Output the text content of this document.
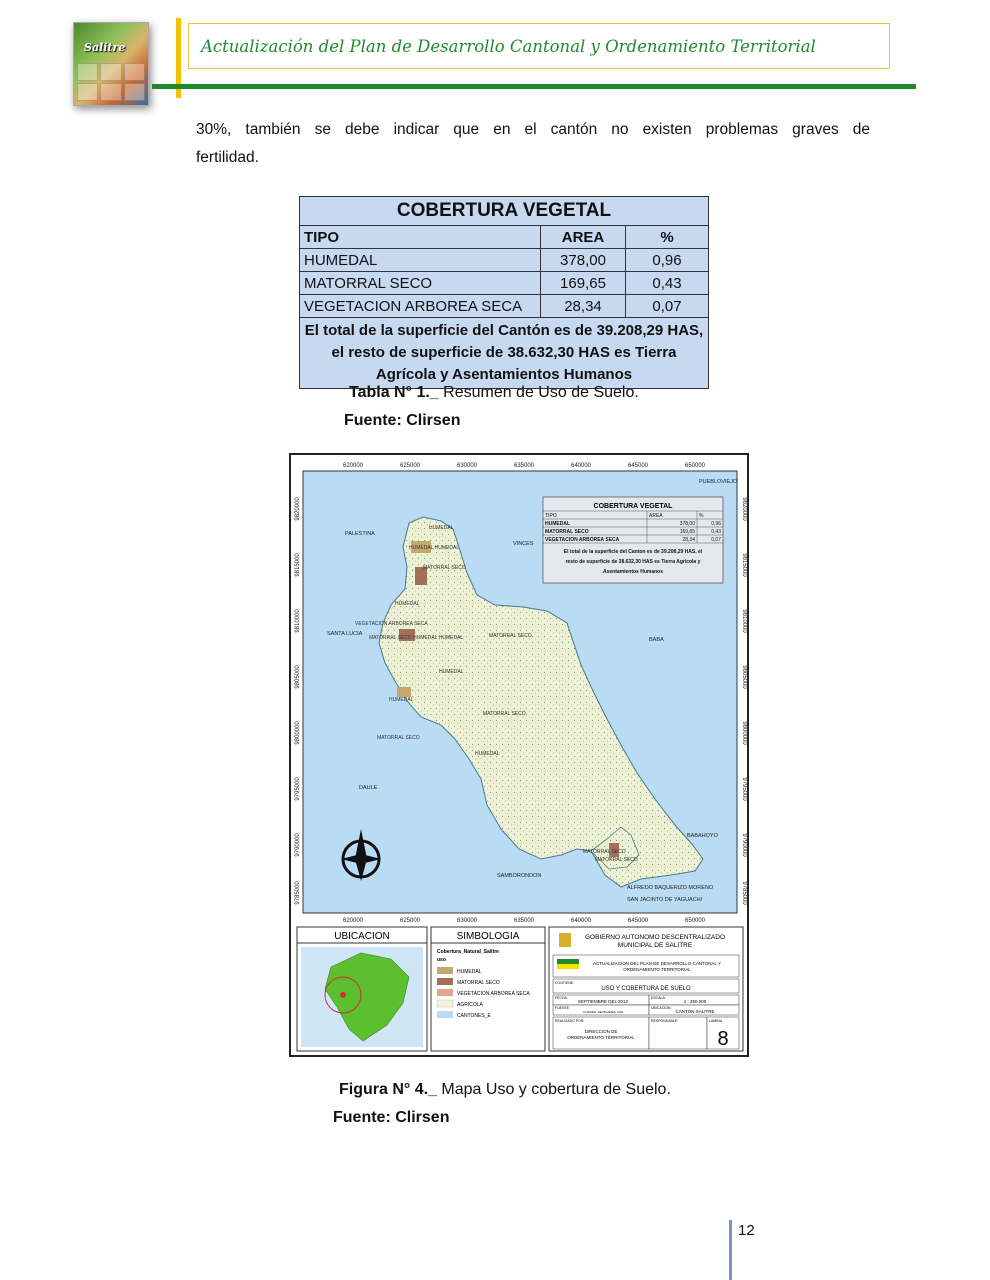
Salitre	Actualización del Plan de Desarrollo Cantonal y Ordenamiento Territorial
30%, también se debe indicar que en el cantón no existen problemas graves de
fertilidad.
COBERTURA VEGETAL		
TIPO	AREA	%
HUMEDAL	378,00	0,96
MATORRAL SECO	169,65	0,43
VEGETACION ARBOREA SECA	28,34	0,07
El total de la superficie del Cantón es de 39.208,29 HAS, el resto de superficie de 38.632,30 HAS es Tierra Agrícola y Asentamientos Humanos		
Tabla N° 1._ Resumen de Uso de Suelo.
Fuente: Clirsen
620000	625000	630000	635000	640000	645000	650000
620000	625000	630000	635000	640000	645000	650000
9820000
9815000
9810000
9805000
9800000
9795000
9790000
9785000
9820000
9815000
9810000
9805000
9800000
9795000
9790000
9785000
PUEBLOVIEJO
PALESTINA
VINCES
SANTA LUCIA
BABA
DAULE
BABAHOYO
SAMBORONDON
ALFREDO BAQUERIZO MORENO
SAN JACINTO DE YAGUACHI
HUMEDAL
HUMEDAL HUMEDAL
MATORRAL SECO
HUMEDAL
VEGETACION ARBOREA SECA
MATORRAL SECO HUMEDAL HUMEDAL	MATORRAL SECO
HUMEDAL
HUMEDAL
MATORRAL SECO
MATORRAL SECO
HUMEDAL
MATORRAL SECO
MATORRAL SECO
COBERTURA VEGETAL
TIPO	AREA	%
HUMEDAL	378,00	0,96
MATORRAL SECO	169,65	0,43
VEGETACION ARBOREA SECA	28,34	0,07
El total de la superficie del Canton es de 39.208,29 HAS, el
resto de superficie de 38.632,30 HAS es Tierra Agricola y
Asentamientos Humanos
UBICACION	SIMBOLOGIA
Cobertura_Natural_Salitre
uso
HUMEDAL
MATORRAL SECO
VEGETACION ARBOREA SECA
AGRICOLA
CANTONES_E
GOBIERNO AUTONOMO DESCENTRALIZADO
MUNICIPAL DE SALITRE
ACTUALIZACION DEL PLAN DE DESARROLLO CANTONAL Y
ORDENAMIENTO TERRITORIAL
CONTIENE:
USO Y COBERTURA DE SUELO
FECHA:
SEPTIEMBRE DEL 2013
ESCALA:
1 : 250.000
FUENTE:
CLIRSEN, SENPLADES, IGM
UBICACION:
CANTON SALITRE
REALIZADO POR:
DIRECCION DE
ORDENAMIENTO TERRITORIAL
RESPONSABLE:	LAMINA
8
Figura N° 4._ Mapa Uso y cobertura de Suelo.
Fuente: Clirsen
12
